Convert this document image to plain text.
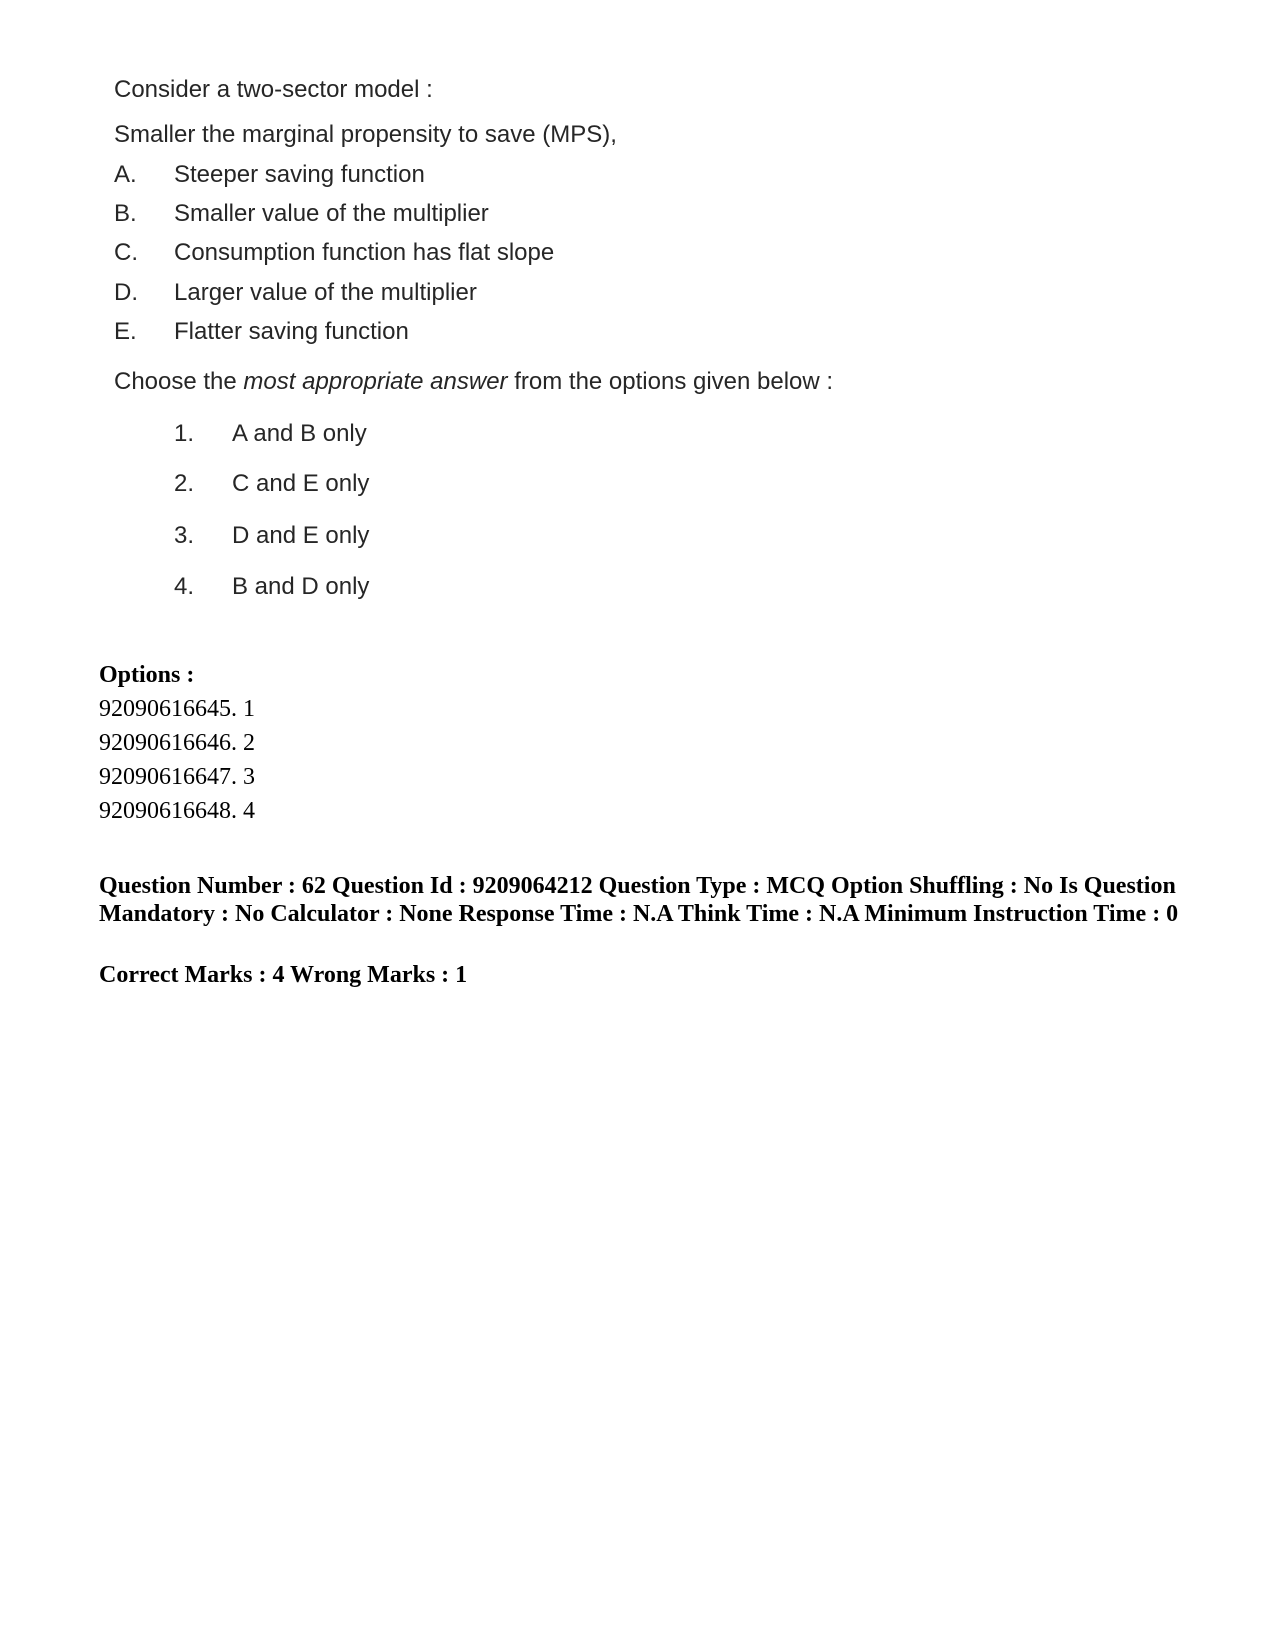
Consider a two-sector model :
Smaller the marginal propensity to save (MPS),
A. Steeper saving function
B. Smaller value of the multiplier
C. Consumption function has flat slope
D. Larger value of the multiplier
E. Flatter saving function
Choose the most appropriate answer from the options given below :
1. A and B only
2. C and E only
3. D and E only
4. B and D only
Options :
92090616645. 1
92090616646. 2
92090616647. 3
92090616648. 4
Question Number : 62 Question Id : 9209064212 Question Type : MCQ Option Shuffling : No Is Question Mandatory : No Calculator : None Response Time : N.A Think Time : N.A Minimum Instruction Time : 0
Correct Marks : 4 Wrong Marks : 1
